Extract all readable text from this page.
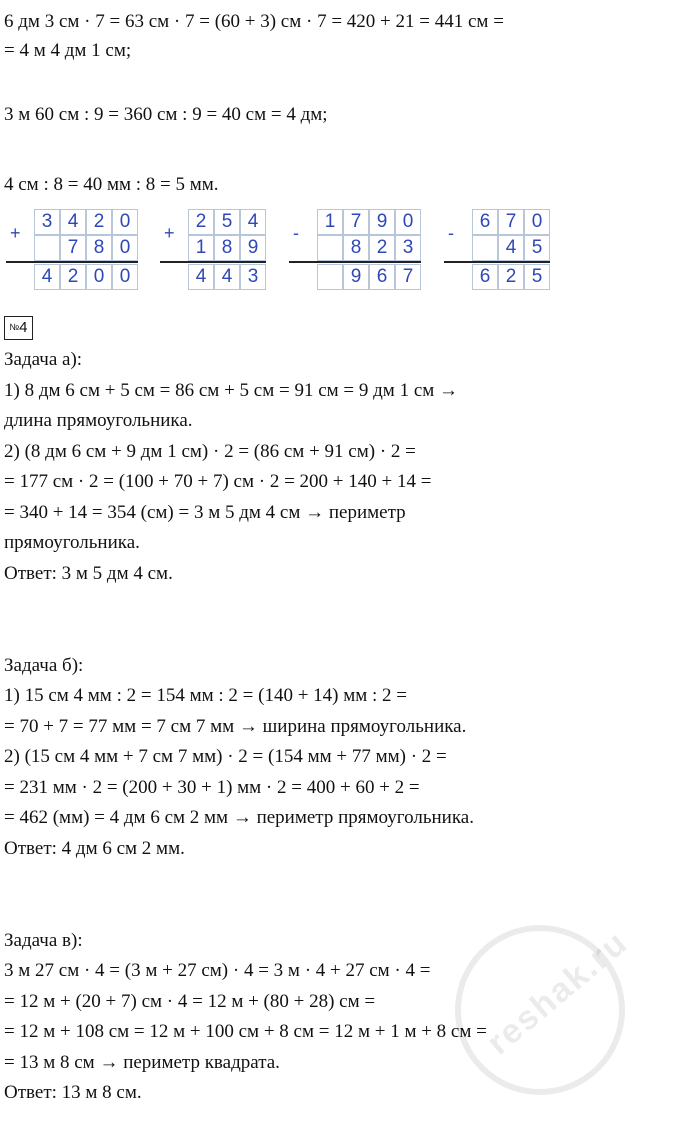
6 дм 3 см · 7 = 63 см · 7 = (60 + 3) см · 7 = 420 + 21 = 441 см =
= 4 м 4 дм 1 см;
3 м 60 см : 9 = 360 см : 9 = 40 см = 4 дм;
4 см : 8 = 40 мм : 8 = 5 мм.
+
3 4 2 0
7 8 0
4 2 0 0
+
2 5 4
1 8 9
4 4 3
-
1 7 9 0
8 2 3
9 6 7
-
6 7 0
4 5
6 2 5
№4
Задача а):
1) 8 дм 6 см + 5 см = 86 см + 5 см = 91 см = 9 дм 1 см →
длина прямоугольника.
2) (8 дм 6 см + 9 дм 1 см) · 2 = (86 см + 91 см) · 2 =
= 177 см · 2 = (100 + 70 + 7) см · 2 = 200 + 140 + 14 =
= 340 + 14 = 354 (см) = 3 м 5 дм 4 см → периметр
прямоугольника.
Ответ: 3 м 5 дм 4 см.
Задача б):
1) 15 см 4 мм : 2 = 154 мм : 2 = (140 + 14) мм : 2 =
= 70 + 7 = 77 мм = 7 см 7 мм → ширина прямоугольника.
2) (15 см 4 мм + 7 см 7 мм) · 2 = (154 мм + 77 мм) · 2 =
= 231 мм · 2 = (200 + 30 + 1) мм · 2 = 400 + 60 + 2 =
= 462 (мм) = 4 дм 6 см 2 мм → периметр прямоугольника.
Ответ: 4 дм 6 см 2 мм.
Задача в):
3 м 27 см · 4 = (3 м + 27 см) · 4 = 3 м · 4 + 27 см · 4 =
= 12 м + (20 + 7) см · 4 = 12 м + (80 + 28) см =
= 12 м + 108 см = 12 м + 100 см + 8 см = 12 м + 1 м + 8 см =
= 13 м 8 см → периметр квадрата.
Ответ: 13 м 8 см.
reshak.ru
